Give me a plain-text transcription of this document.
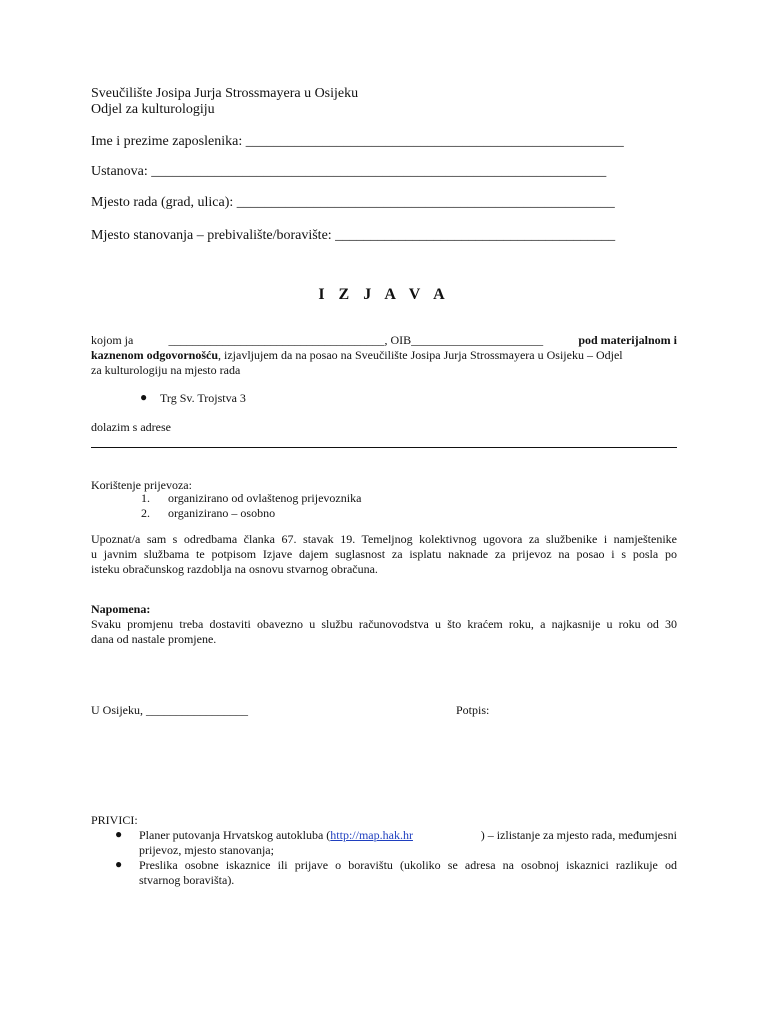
Sveučilište Josipa Jurja Strossmayera u Osijeku
Odjel za kulturologiju
Ime i prezime zaposlenika: ______________________________________________________
Ustanova: _________________________________________________________________
Mjesto rada (grad, ulica): ______________________________________________________
Mjesto stanovanja – prebivalište/boravište: ________________________________________
I Z J A V A
kojom ja	____________________________________, OIB______________________	pod materijalnom i
kaznenom odgovornošću, izjavljujem da na posao na Sveučilište Josipa Jurja Strossmayera u Osijeku – Odjel
za kulturologiju na mjesto rada
● Trg Sv. Trojstva 3
dolazim s adrese
Korištenje prijevoza:
1. organizirano od ovlaštenog prijevoznika
2. organizirano – osobno
Upoznat/a sam s odredbama članka 67. stavak 19. Temeljnog kolektivnog ugovora za službenike i namještenike
u javnim službama te potpisom Izjave dajem suglasnost za isplatu naknade za prijevoz na posao i s posla po
isteku obračunskog razdoblja na osnovu stvarnog obračuna.
Napomena:
Svaku promjenu treba dostaviti obavezno u službu računovodstva u što kraćem roku, a najkasnije u roku od 30
dana od nastale promjene.
U Osijeku, _________________	Potpis:
PRIVICI:
● Planer putovanja Hrvatskog autokluba (http://map.hak.hr	) – izlistanje za mjesto rada, međumjesni
prijevoz, mjesto stanovanja;
● Preslika osobne iskaznice ili prijave o boravištu (ukoliko se adresa na osobnoj iskaznici razlikuje od
stvarnog boravišta).
